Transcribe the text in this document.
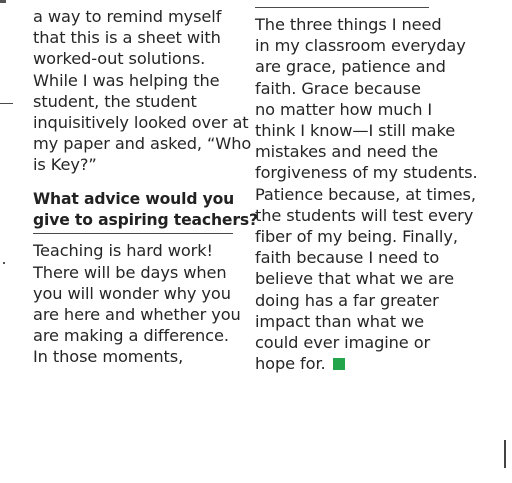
a way to remind myself
that this is a sheet with
worked-out solutions.
While I was helping the
student, the student
inquisitively looked over at
my paper and asked, “Who
is Key?”
What advice would you
give to aspiring teachers?
Teaching is hard work!
There will be days when
you will wonder why you
are here and whether you
are making a difference.
In those moments,
The three things I need
in my classroom everyday
are grace, patience and
faith. Grace because
no matter how much I
think I know—I still make
mistakes and need the
forgiveness of my students.
Patience because, at times,
the students will test every
fiber of my being. Finally,
faith because I need to
believe that what we are
doing has a far greater
impact than what we
could ever imagine or
hope for.
